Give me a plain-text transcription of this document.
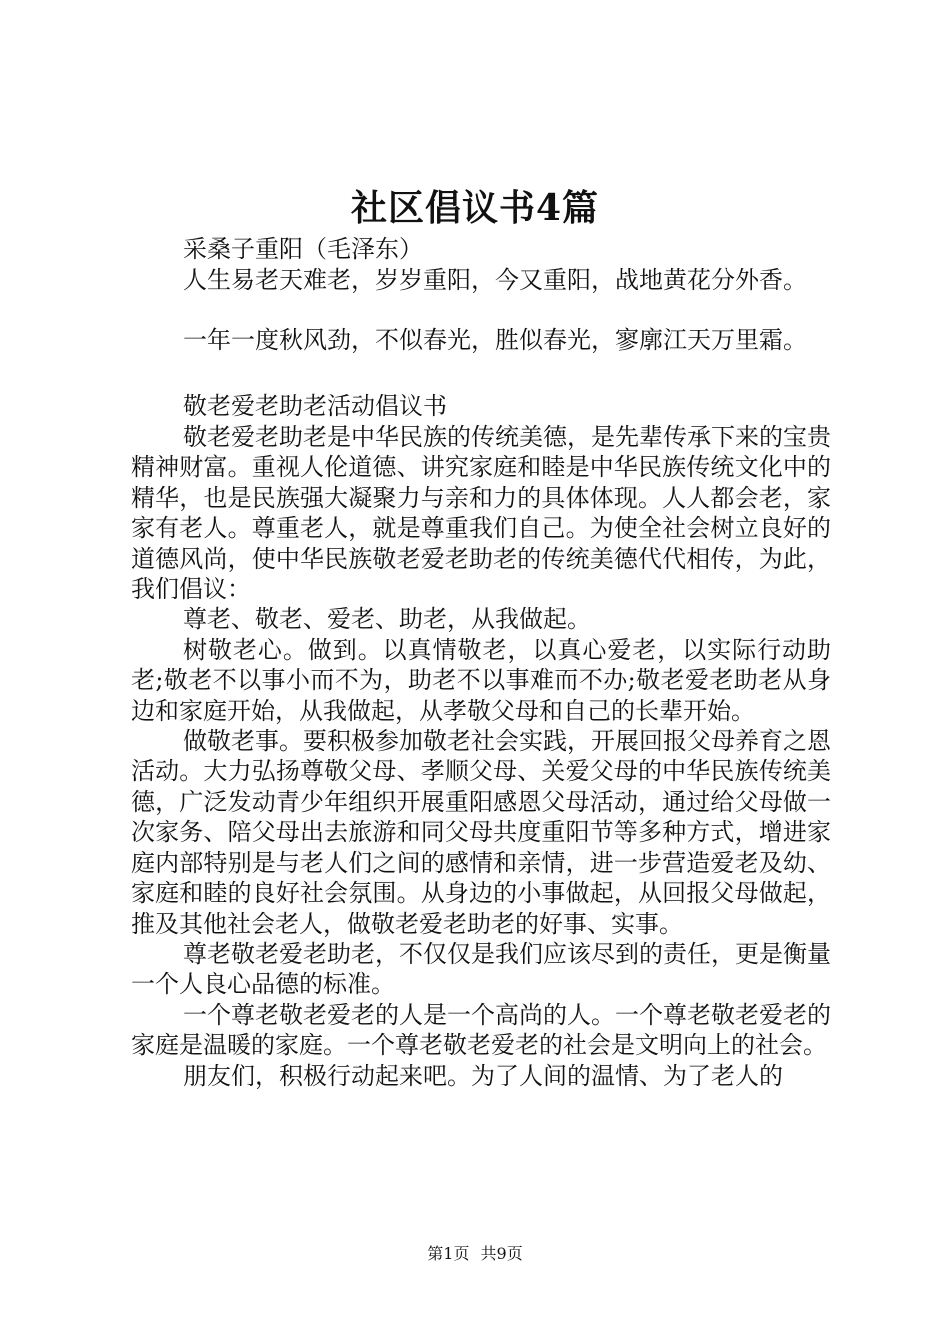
社区倡议书4篇
采桑子重阳（毛泽东）
人生易老天难老，岁岁重阳，今又重阳，战地黄花分外香。
一年一度秋风劲，不似春光，胜似春光，寥廓江天万里霜。
敬老爱老助老活动倡议书

敬老爱老助老是中华民族的传统美德，是先辈传承下来的宝贵精神财富。重视人伦道德、讲究家庭和睦是中华民族传统文化中的精华，也是民族强大凝聚力与亲和力的具体体现。人人都会老，家家有老人。尊重老人，就是尊重我们自己。为使全社会树立良好的道德风尚，使中华民族敬老爱老助老的传统美德代代相传，为此，我们倡议：

尊老、敬老、爱老、助老，从我做起。

树敬老心。做到。以真情敬老，以真心爱老，以实际行动助老;敬老不以事小而不为，助老不以事难而不办;敬老爱老助老从身边和家庭开始，从我做起，从孝敬父母和自己的长辈开始。

做敬老事。要积极参加敬老社会实践，开展回报父母养育之恩活动。大力弘扬尊敬父母、孝顺父母、关爱父母的中华民族传统美德，广泛发动青少年组织开展重阳感恩父母活动，通过给父母做一次家务、陪父母出去旅游和同父母共度重阳节等多种方式，增进家庭内部特别是与老人们之间的感情和亲情，进一步营造爱老及幼、家庭和睦的良好社会氛围。从身边的小事做起，从回报父母做起，推及其他社会老人，做敬老爱老助老的好事、实事。

尊老敬老爱老助老，不仅仅是我们应该尽到的责任，更是衡量一个人良心品德的标准。

一个尊老敬老爱老的人是一个高尚的人。一个尊老敬老爱老的家庭是温暖的家庭。一个尊老敬老爱老的社会是文明向上的社会。

朋友们，积极行动起来吧。为了人间的温情、为了老人的

第1页 共9页
